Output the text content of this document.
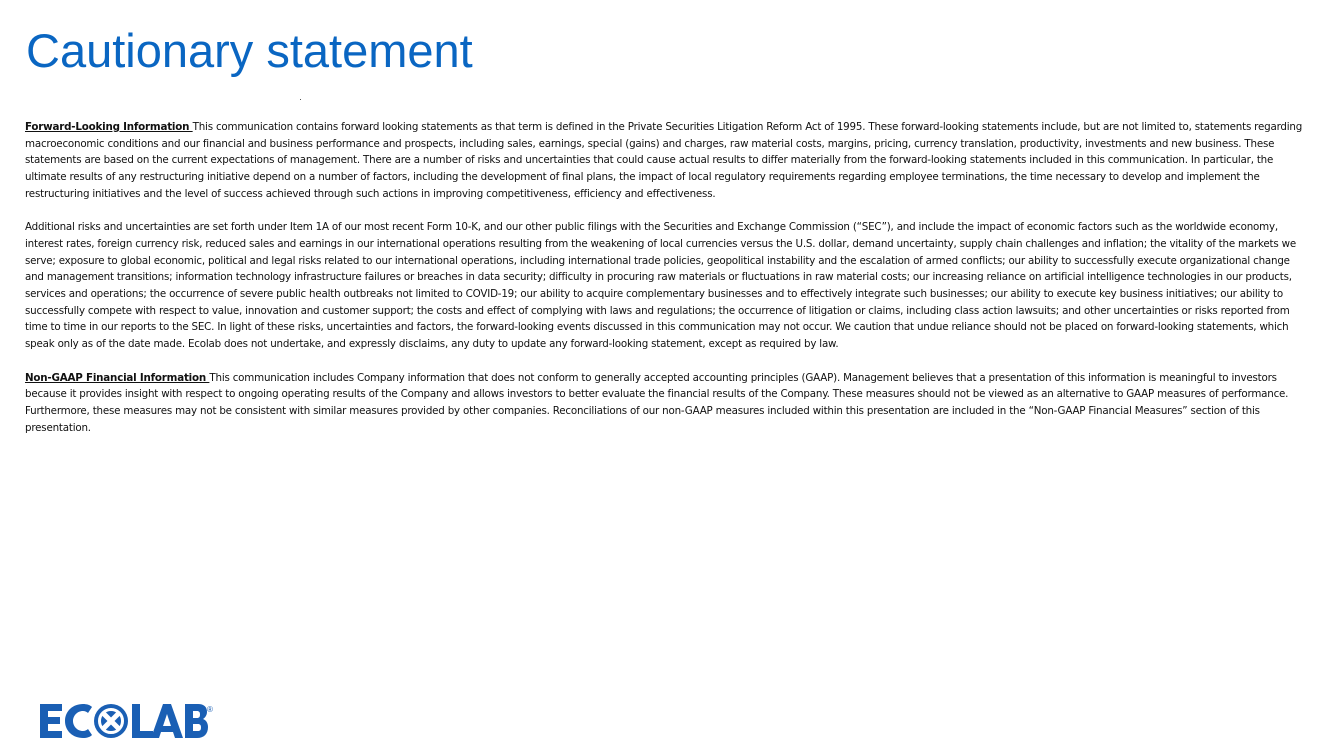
Cautionary statement

Forward-Looking Information This communication contains forward looking statements as that term is defined in the Private Securities Litigation Reform Act of 1995. These forward-looking statements include, but are not limited to, statements regarding macroeconomic conditions and our financial and business performance and prospects, including sales, earnings, special (gains) and charges, raw material costs, margins, pricing, currency translation, productivity, investments and new business. These statements are based on the current expectations of management. There are a number of risks and uncertainties that could cause actual results to differ materially from the forward-looking statements included in this communication. In particular, the ultimate results of any restructuring initiative depend on a number of factors, including the development of final plans, the impact of local regulatory requirements regarding employee terminations, the time necessary to develop and implement the restructuring initiatives and the level of success achieved through such actions in improving competitiveness, efficiency and effectiveness.

Additional risks and uncertainties are set forth under Item 1A of our most recent Form 10-K, and our other public filings with the Securities and Exchange Commission (“SEC”), and include the impact of economic factors such as the worldwide economy, interest rates, foreign currency risk, reduced sales and earnings in our international operations resulting from the weakening of local currencies versus the U.S. dollar, demand uncertainty, supply chain challenges and inflation; the vitality of the markets we serve; exposure to global economic, political and legal risks related to our international operations, including international trade policies, geopolitical instability and the escalation of armed conflicts; our ability to successfully execute organizational change and management transitions; information technology infrastructure failures or breaches in data security; difficulty in procuring raw materials or fluctuations in raw material costs; our increasing reliance on artificial intelligence technologies in our products, services and operations; the occurrence of severe public health outbreaks not limited to COVID-19; our ability to acquire complementary businesses and to effectively integrate such businesses; our ability to execute key business initiatives; our ability to successfully compete with respect to value, innovation and customer support; the costs and effect of complying with laws and regulations; the occurrence of litigation or claims, including class action lawsuits; and other uncertainties or risks reported from time to time in our reports to the SEC. In light of these risks, uncertainties and factors, the forward-looking events discussed in this communication may not occur. We caution that undue reliance should not be placed on forward-looking statements, which speak only as of the date made. Ecolab does not undertake, and expressly disclaims, any duty to update any forward-looking statement, except as required by law.

Non-GAAP Financial Information This communication includes Company information that does not conform to generally accepted accounting principles (GAAP). Management believes that a presentation of this information is meaningful to investors because it provides insight with respect to ongoing operating results of the Company and allows investors to better evaluate the financial results of the Company. These measures should not be viewed as an alternative to GAAP measures of performance. Furthermore, these measures may not be consistent with similar measures provided by other companies. Reconciliations of our non-GAAP measures included within this presentation are included in the “Non-GAAP Financial Measures” section of this presentation.

®
